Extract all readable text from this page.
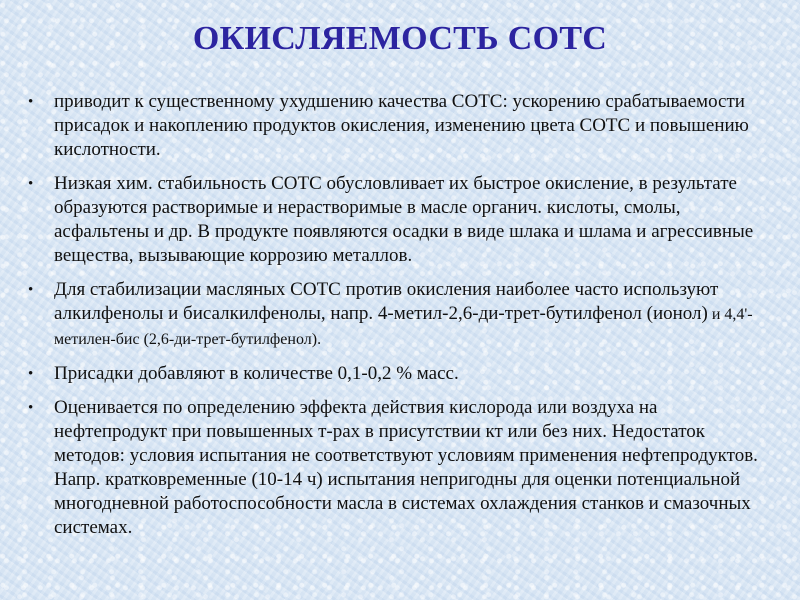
ОКИСЛЯЕМОСТЬ СОТС
• приводит к существенному ухудшению качества СОТС: ускорению срабатываемости присадок и накоплению продуктов окисления, изменению цвета СОТС и повышению кислотности.
• Низкая хим. стабильность СОТС обусловливает их быстрое окисление, в результате образуются растворимые и нерастворимые в масле органич. кислоты, смолы, асфальтены и др. В продукте появляются осадки в виде шлака и шлама и агрессивные вещества, вызывающие коррозию металлов.
• Для стабилизации масляных СОТС против окисления наиболее часто используют алкилфенолы и бисалкилфенолы, напр. 4-метил-2,6-ди-трет-бутилфенол (ионол) и 4,4'-метилен-бис (2,6-ди-трет-бутилфенол).
• Присадки добавляют в количестве 0,1-0,2 % масс.
• Оценивается по определению эффекта действия кислорода или воздуха на нефтепродукт при повышенных т-рах в присутствии кт или без них. Недостаток методов: условия испытания не соответствуют условиям применения нефтепродуктов. Напр. кратковременные (10-14 ч) испытания непригодны для оценки потенциальной многодневной работоспособности масла в системах охлаждения станков и смазочных системах.
